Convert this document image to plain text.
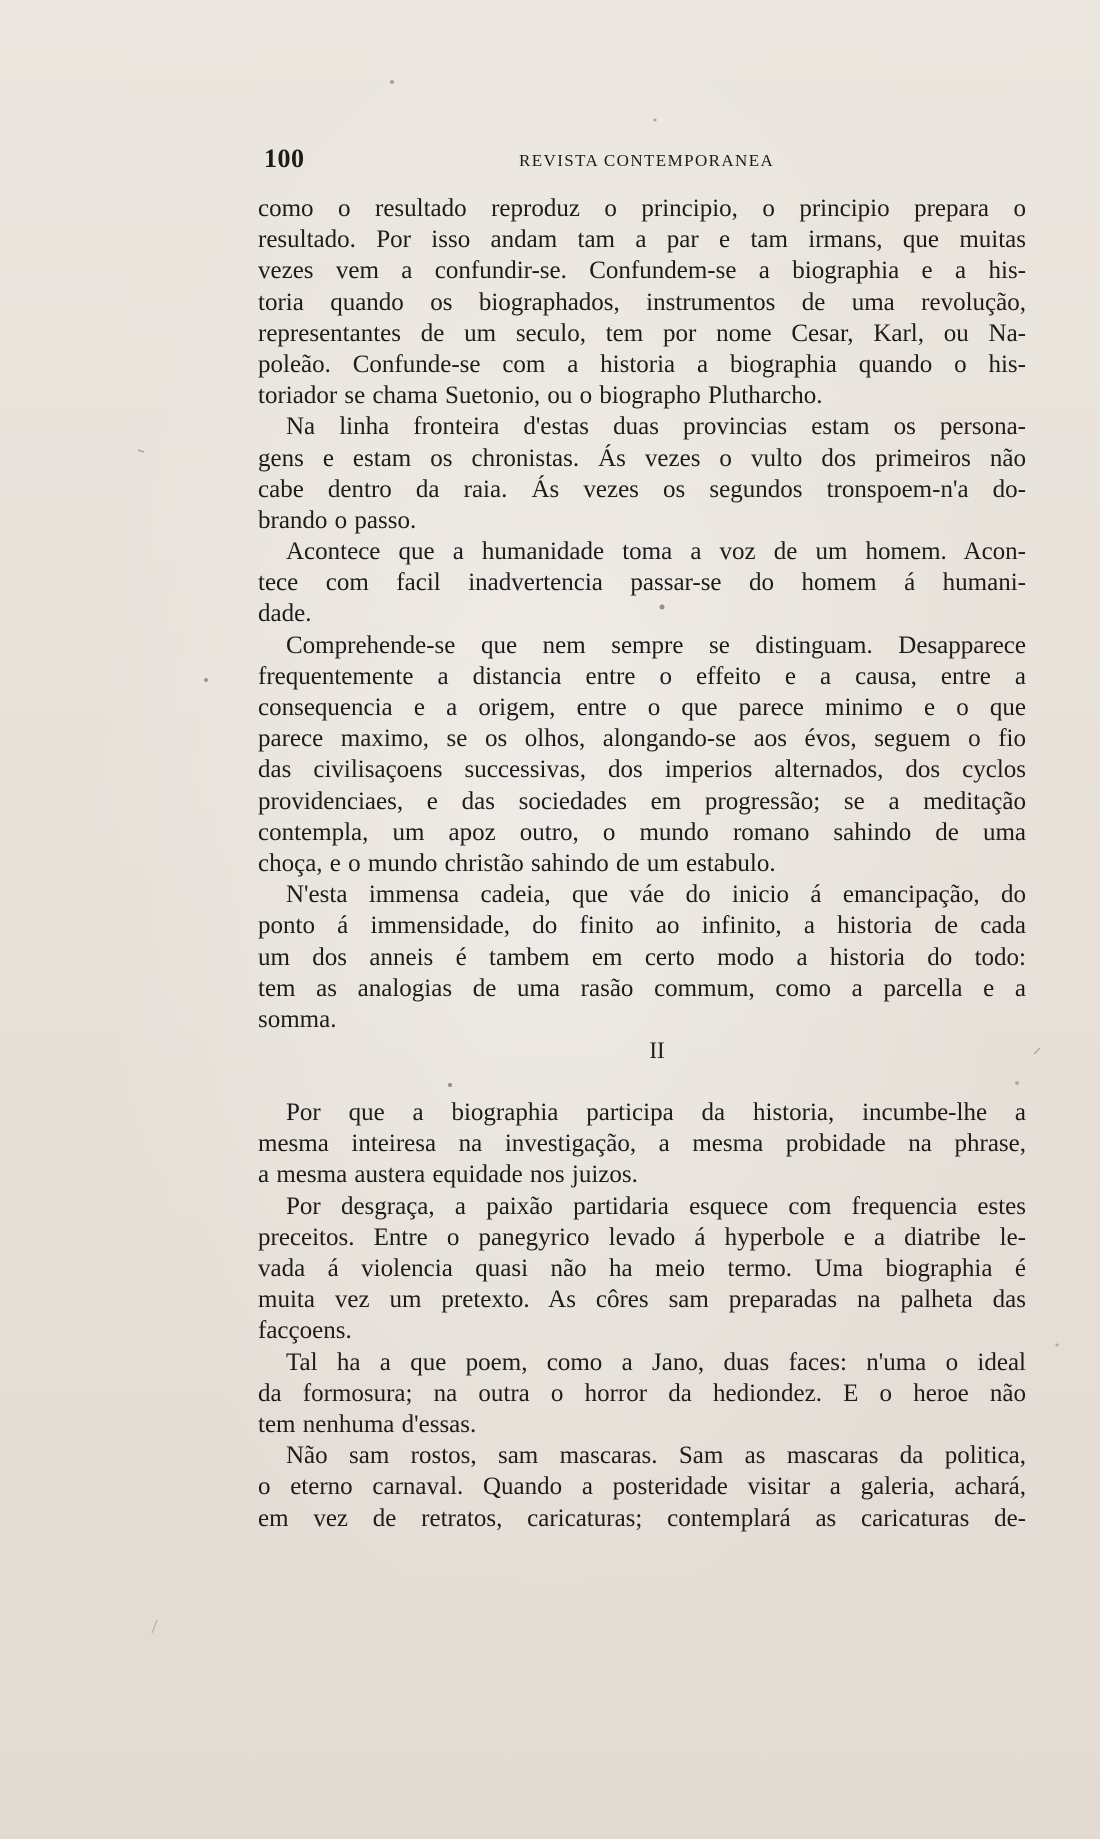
100	REVISTA CONTEMPORANEA
como o resultado reproduz o principio, o principio prepara o
resultado. Por isso andam tam a par e tam irmans, que muitas
vezes vem a confundir-se. Confundem-se a biographia e a his-
toria quando os biographados, instrumentos de uma revolução,
representantes de um seculo, tem por nome Cesar, Karl, ou Na-
poleão. Confunde-se com a historia a biographia quando o his-
toriador se chama Suetonio, ou o biographo Plutharcho.
Na linha fronteira d'estas duas provincias estam os persona-
gens e estam os chronistas. Ás vezes o vulto dos primeiros não
cabe dentro da raia. Ás vezes os segundos tronspoem-n'a do-
brando o passo.
Acontece que a humanidade toma a voz de um homem. Acon-
tece com facil inadvertencia passar-se do homem á humani-
dade.
Comprehende-se que nem sempre se distinguam. Desapparece
frequentemente a distancia entre o effeito e a causa, entre a
consequencia e a origem, entre o que parece minimo e o que
parece maximo, se os olhos, alongando-se aos évos, seguem o fio
das civilisaçoens successivas, dos imperios alternados, dos cyclos
providenciaes, e das sociedades em progressão; se a meditação
contempla, um apoz outro, o mundo romano sahindo de uma
choça, e o mundo christão sahindo de um estabulo.
N'esta immensa cadeia, que váe do inicio á emancipação, do
ponto á immensidade, do finito ao infinito, a historia de cada
um dos anneis é tambem em certo modo a historia do todo:
tem as analogias de uma rasão commum, como a parcella e a
somma.
II
Por que a biographia participa da historia, incumbe-lhe a
mesma inteiresa na investigação, a mesma probidade na phrase,
a mesma austera equidade nos juizos.
Por desgraça, a paixão partidaria esquece com frequencia estes
preceitos. Entre o panegyrico levado á hyperbole e a diatribe le-
vada á violencia quasi não ha meio termo. Uma biographia é
muita vez um pretexto. As côres sam preparadas na palheta das
facçoens.
Tal ha a que poem, como a Jano, duas faces: n'uma o ideal
da formosura; na outra o horror da hediondez. E o heroe não
tem nenhuma d'essas.
Não sam rostos, sam mascaras. Sam as mascaras da politica,
o eterno carnaval. Quando a posteridade visitar a galeria, achará,
em vez de retratos, caricaturas; contemplará as caricaturas de-
